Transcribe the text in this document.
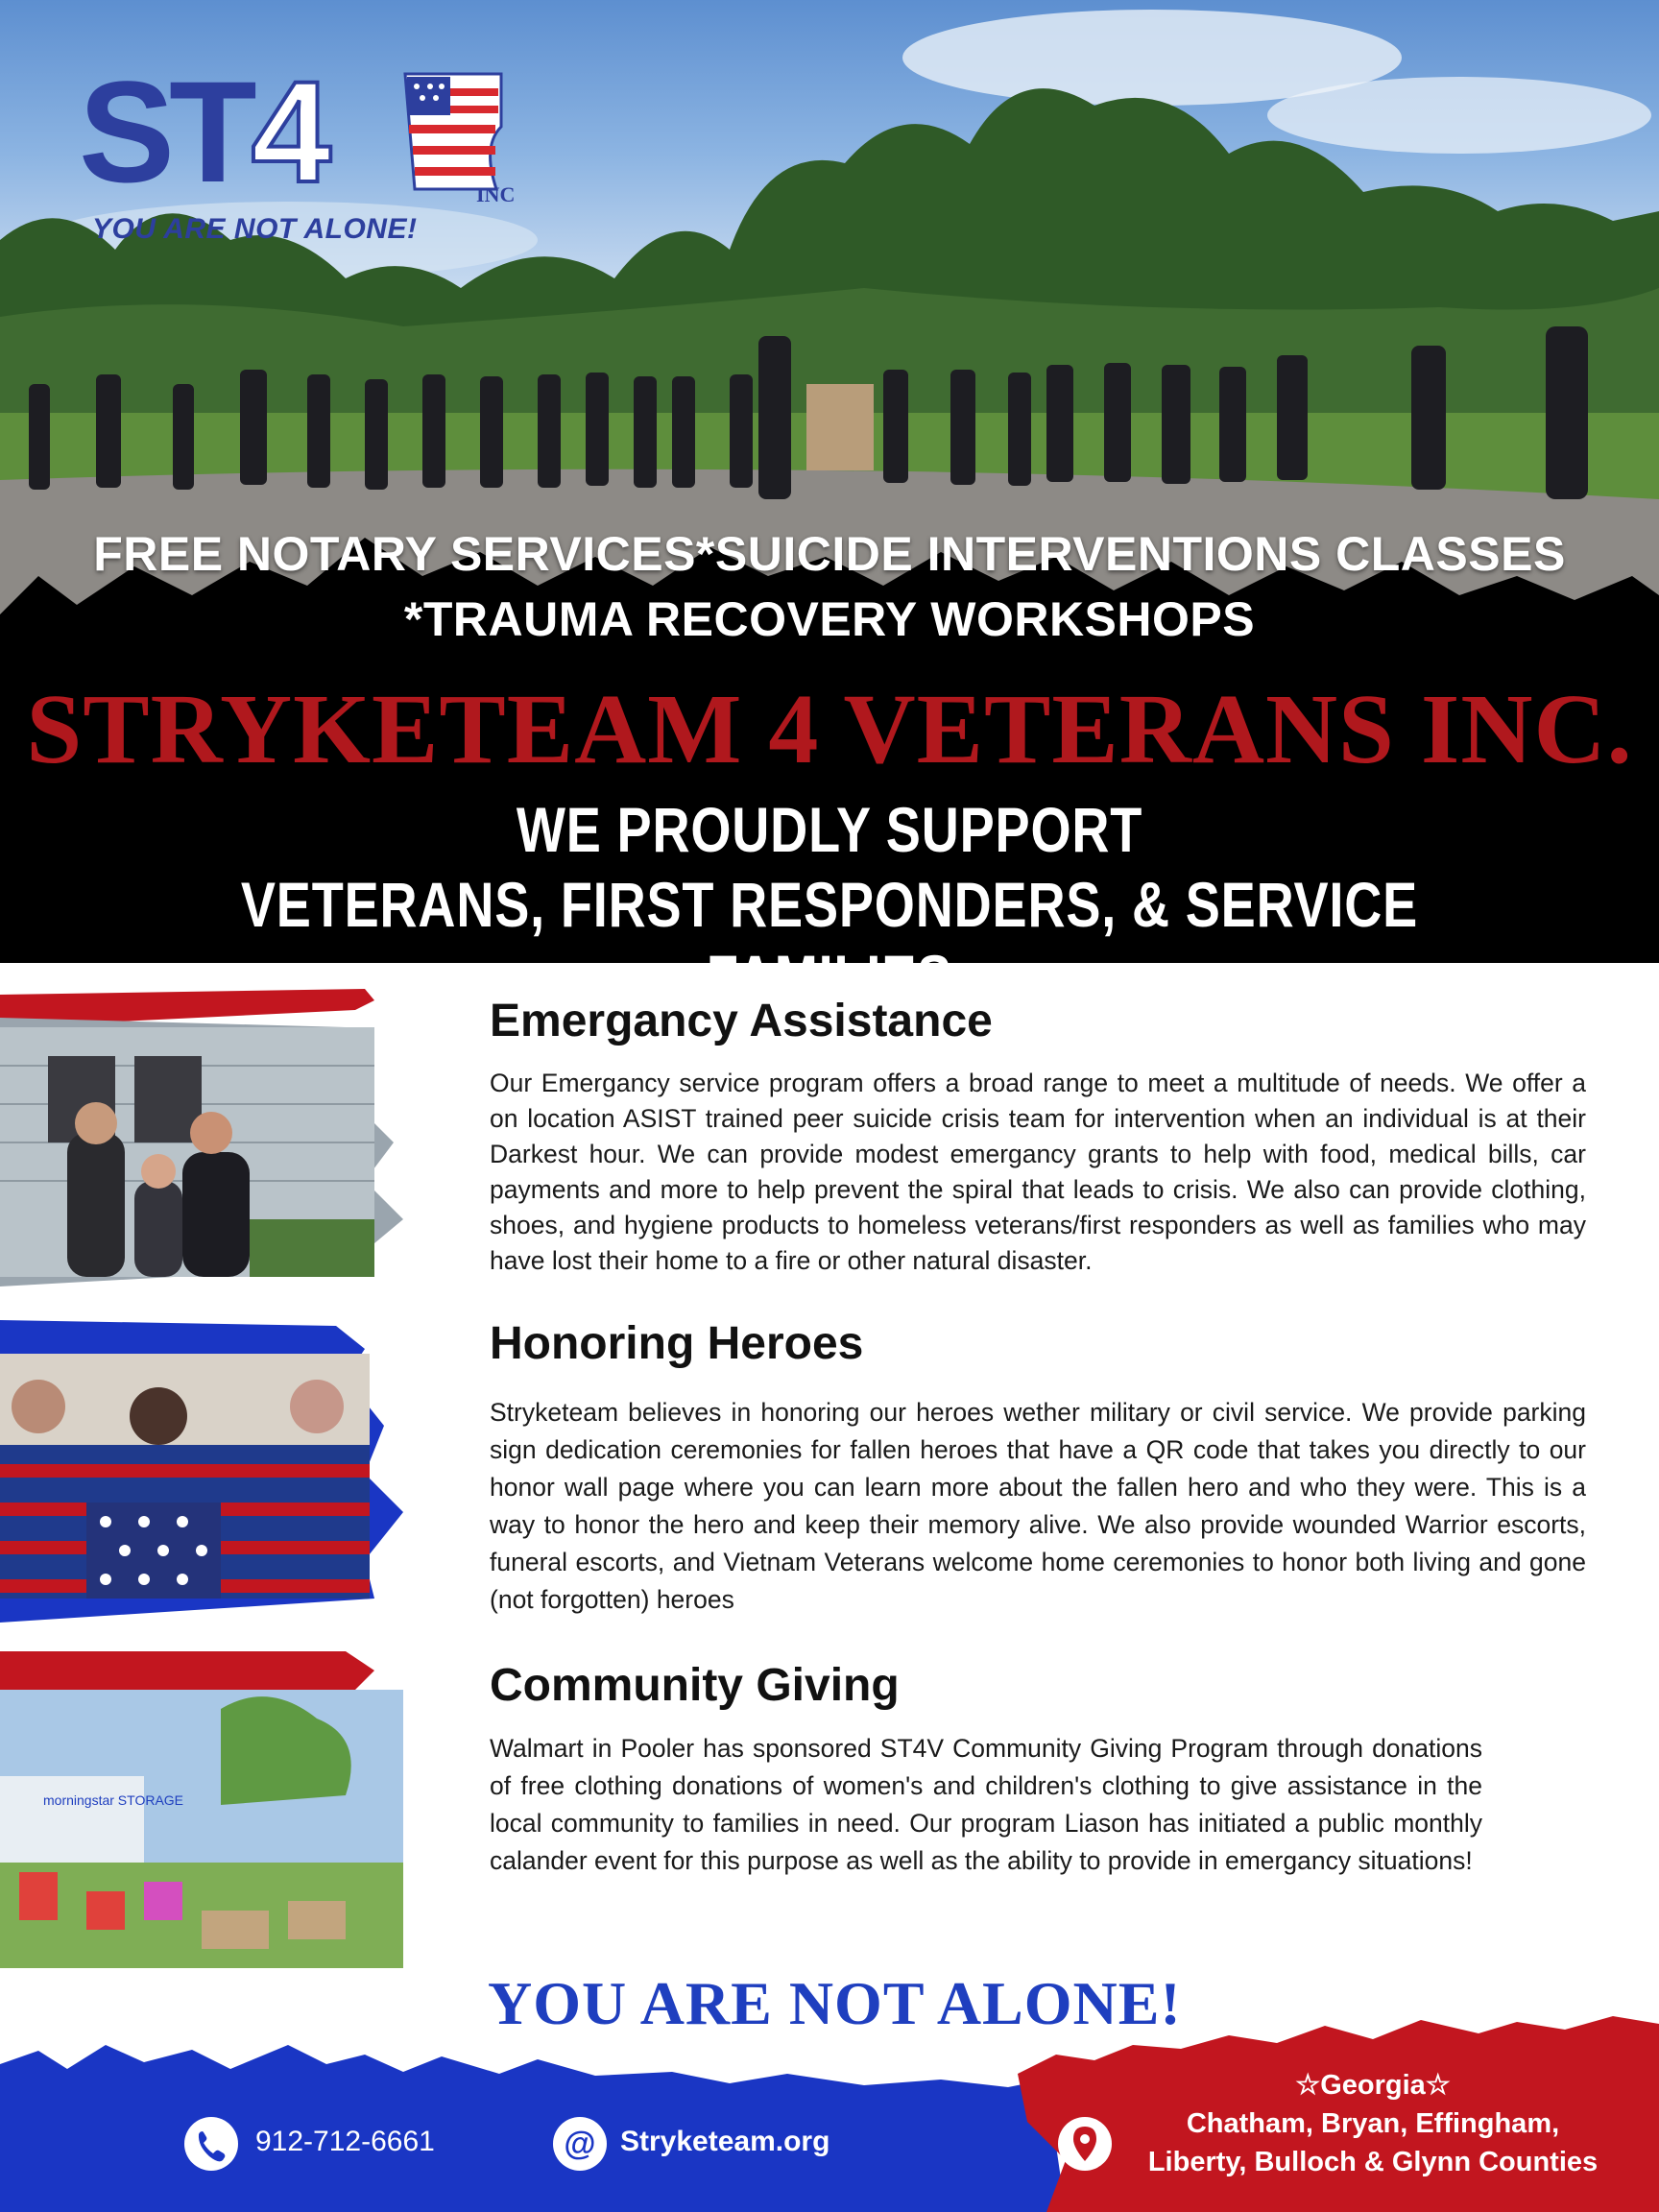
ST4	INC
YOU ARE NOT ALONE!
FREE NOTARY SERVICES*SUICIDE INTERVENTIONS CLASSES
*TRAUMA RECOVERY WORKSHOPS
STRYKETEAM 4 VETERANS INC.
WE PROUDLY SUPPORT
VETERANS, FIRST RESPONDERS, & SERVICE FAMILIES
morningstar STORAGE
Emergancy Assistance
Our Emergancy service program offers a broad range to meet a multitude of needs. We offer a on location ASIST trained peer suicide crisis team for intervention when an individual is at their Darkest hour. We can provide modest emergancy grants to help with food, medical bills, car payments and more to help prevent the spiral that leads to crisis. We also can provide clothing, shoes, and hygiene products to homeless veterans/first responders as well as families who may have lost their home to a fire or other natural disaster.
Honoring Heroes
Stryketeam believes in honoring our heroes wether military or civil service. We provide parking sign dedication ceremonies for fallen heroes that have a QR code that takes you directly to our honor wall page where you can learn more about the fallen hero and who they were. This is a way to honor the hero and keep their memory alive. We also provide wounded Warrior escorts, funeral escorts, and Vietnam Veterans welcome home ceremonies to honor both living and gone (not forgotten) heroes
Community Giving
Walmart in Pooler has sponsored ST4V Community Giving Program through donations of free clothing donations of women's and children's clothing to give assistance in the local community to families in need. Our program Liason has initiated a public monthly calander event for this purpose as well as the ability to provide in emergancy situations!
YOU ARE NOT ALONE!
912-712-6661	@ Stryketeam.org
☆Georgia☆
Chatham, Bryan, Effingham,
Liberty, Bulloch & Glynn Counties
